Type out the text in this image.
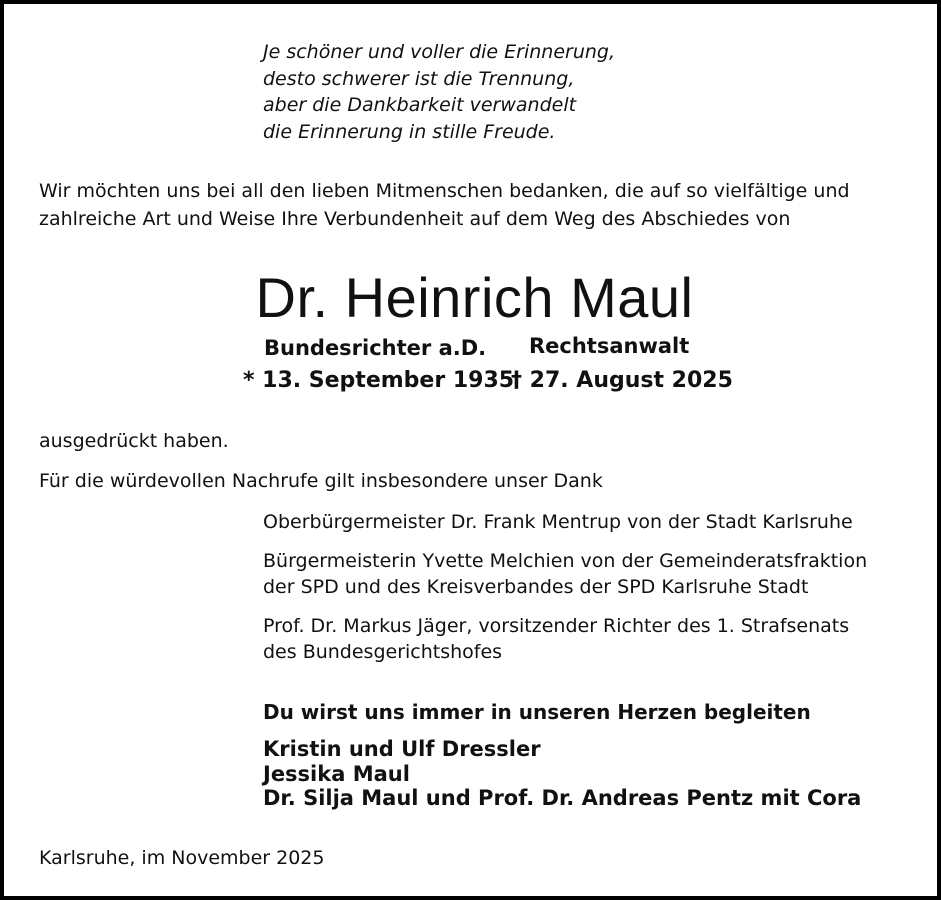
Je schöner und voller die Erinnerung,
desto schwerer ist die Trennung,
aber die Dankbarkeit verwandelt
die Erinnerung in stille Freude.
Wir möchten uns bei all den lieben Mitmenschen bedanken, die auf so vielfältige und
zahlreiche Art und Weise Ihre Verbundenheit auf dem Weg des Abschiedes von
Dr. Heinrich Maul
Bundesrichter a.D. Rechtsanwalt
* 13. September 1935
† 27. August 2025
ausgedrückt haben.
Für die würdevollen Nachrufe gilt insbesondere unser Dank
Oberbürgermeister Dr. Frank Mentrup von der Stadt Karlsruhe
Bürgermeisterin Yvette Melchien von der Gemeinderatsfraktion
der SPD und des Kreisverbandes der SPD Karlsruhe Stadt
Prof. Dr. Markus Jäger, vorsitzender Richter des 1. Strafsenats
des Bundesgerichtshofes
Du wirst uns immer in unseren Herzen begleiten
Kristin und Ulf Dressler
Jessika Maul
Dr. Silja Maul und Prof. Dr. Andreas Pentz mit Cora
Karlsruhe, im November 2025
